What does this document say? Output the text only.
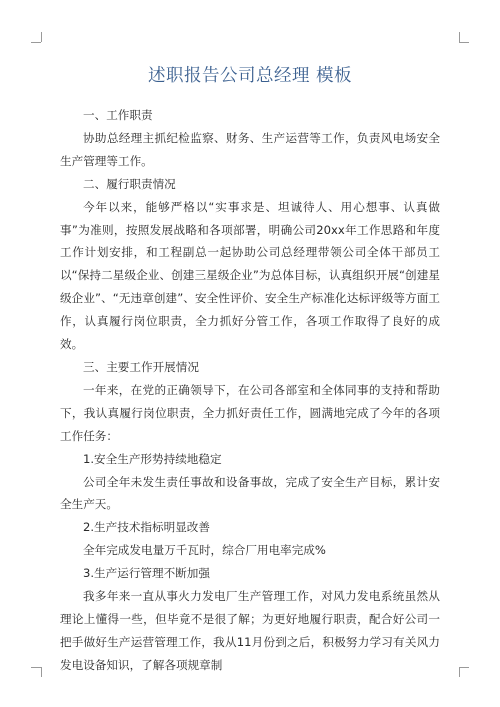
述职报告公司总经理 模板

一、工作职责

协助总经理主抓纪检监察、财务、生产运营等工作，负责风电场安全生产管理等工作。

二、履行职责情况

今年以来，能够严格以“实事求是、坦诚待人、用心想事、认真做事”为准则，按照发展战略和各项部署，明确公司20xx年工作思路和年度工作计划安排，和工程副总一起协助公司总经理带领公司全体干部员工以“保持二星级企业、创建三星级企业”为总体目标，认真组织开展“创建星级企业”、“无违章创建”、安全性评价、安全生产标准化达标评级等方面工作，认真履行岗位职责，全力抓好分管工作，各项工作取得了良好的成效。

三、主要工作开展情况

一年来，在党的正确领导下，在公司各部室和全体同事的支持和帮助下，我认真履行岗位职责，全力抓好责任工作，圆满地完成了今年的各项工作任务：

1.安全生产形势持续地稳定

公司全年未发生责任事故和设备事故，完成了安全生产目标，累计安全生产天。

2.生产技术指标明显改善

全年完成发电量万千瓦时，综合厂用电率完成%

3.生产运行管理不断加强

我多年来一直从事火力发电厂生产管理工作，对风力发电系统虽然从理论上懂得一些，但毕竟不是很了解；为更好地履行职责，配合好公司一把手做好生产运营管理工作，我从11月份到之后，积极努力学习有关风力发电设备知识，了解各项规章制
